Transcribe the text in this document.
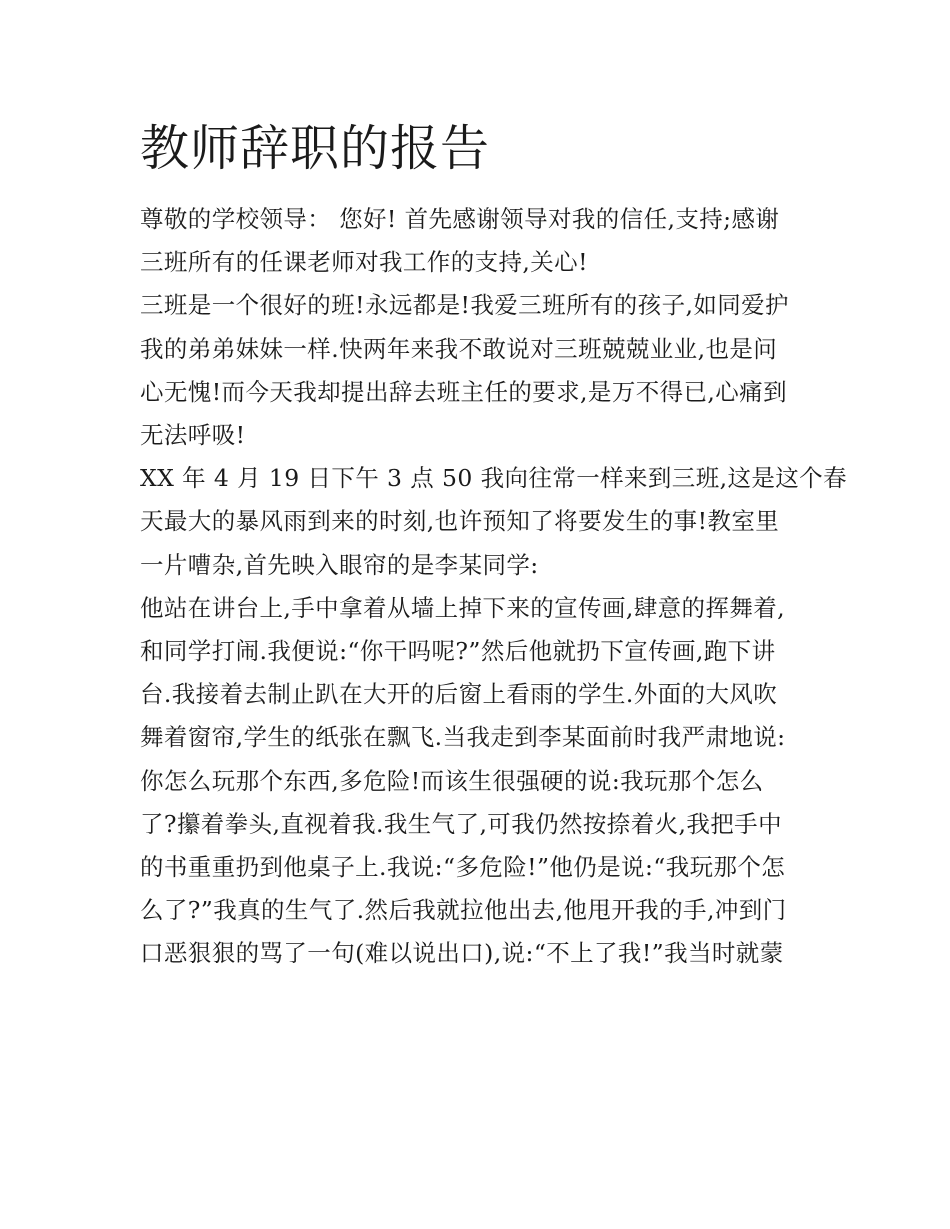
教师辞职的报告
尊敬的学校领导： 您好! 首先感谢领导对我的信任,支持;感谢
三班所有的任课老师对我工作的支持,关心!
三班是一个很好的班!永远都是!我爱三班所有的孩子,如同爱护
我的弟弟妹妹一样.快两年来我不敢说对三班兢兢业业,也是问
心无愧!而今天我却提出辞去班主任的要求,是万不得已,心痛到
无法呼吸!
XX 年 4 月 19 日下午 3 点 50 我向往常一样来到三班,这是这个春
天最大的暴风雨到来的时刻,也许预知了将要发生的事!教室里
一片嘈杂,首先映入眼帘的是李某同学:
他站在讲台上,手中拿着从墙上掉下来的宣传画,肆意的挥舞着,
和同学打闹.我便说:“你干吗呢?”然后他就扔下宣传画,跑下讲
台.我接着去制止趴在大开的后窗上看雨的学生.外面的大风吹
舞着窗帘,学生的纸张在飘飞.当我走到李某面前时我严肃地说:
你怎么玩那个东西,多危险!而该生很强硬的说:我玩那个怎么
了?攥着拳头,直视着我.我生气了,可我仍然按捺着火,我把手中
的书重重扔到他桌子上.我说:“多危险!”他仍是说:“我玩那个怎
么了?”我真的生气了.然后我就拉他出去,他甩开我的手,冲到门
口恶狠狠的骂了一句(难以说出口),说:“不上了我!”我当时就蒙
